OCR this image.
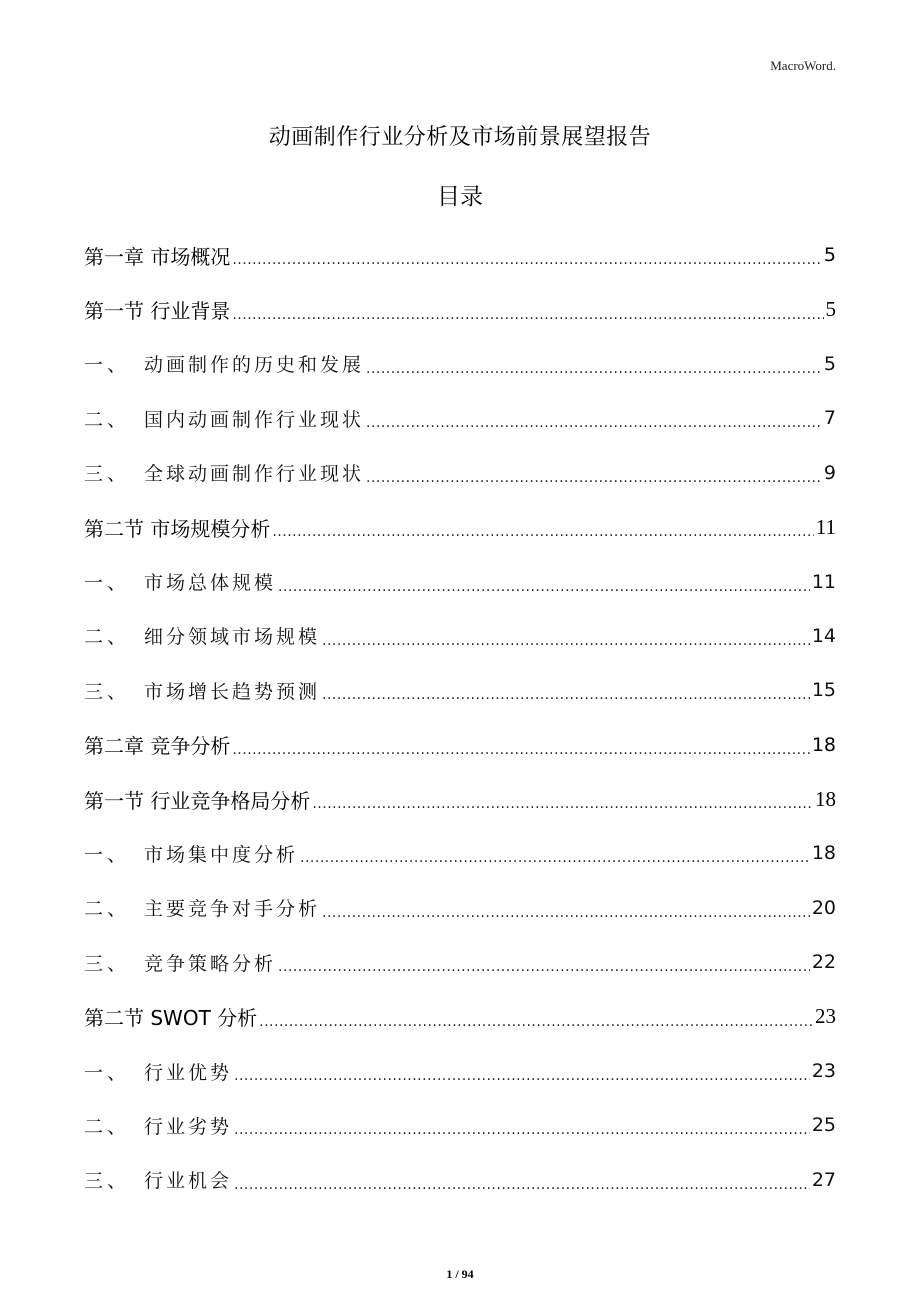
MacroWord.
动画制作行业分析及市场前景展望报告
目录
第一章 市场概况 .....	5
第一节 行业背景 .....	5
一、 动画制作的历史和发展 .....	5
二、 国内动画制作行业现状 .....	7
三、 全球动画制作行业现状 .....	9
第二节 市场规模分析 .....	11
一、 市场总体规模 .....	11
二、 细分领域市场规模 .....	14
三、 市场增长趋势预测 .....	15
第二章 竞争分析 .....	18
第一节 行业竞争格局分析 .....	18
一、 市场集中度分析 .....	18
二、 主要竞争对手分析 .....	20
三、 竞争策略分析 .....	22
第二节 SWOT 分析 .....	23
一、 行业优势 .....	23
二、 行业劣势 .....	25
三、 行业机会 .....	27
1 / 94
